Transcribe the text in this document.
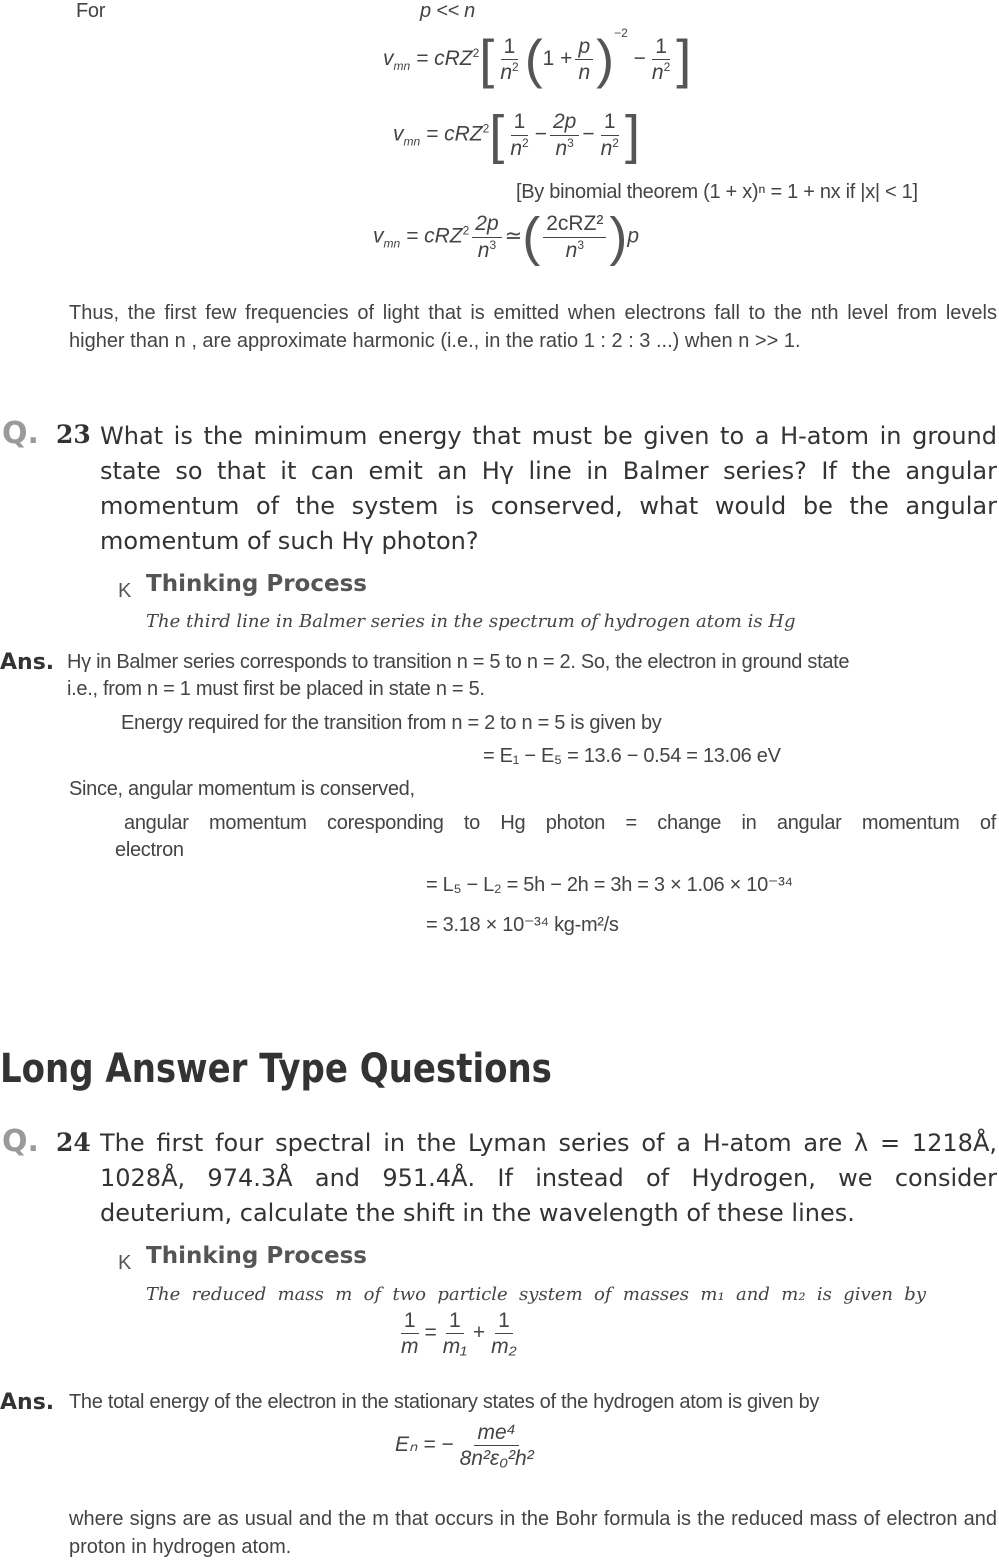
For	p << n
$v_{mn} = cRZ^2[ \frac{1}{n^2} (1 + \frac{p}{n} )^{-2} - \frac{1}{n^2}$ ]
$v_{mn} = cRZ^2[ \frac{1}{n^2} - \frac{2p}{n^3} - \frac{1}{n^2}$ ]
[By binomial theorem (1 + x)ⁿ = 1 + nx if |x| < 1]
$v_{mn} = cRZ^2 \frac{2p}{n^3}$ ≃( $\frac{\text{2cRZ²}}{n^3} )p$
Thus, the first few frequencies of light that is emitted when electrons fall to the nth level from levels higher than n , are approximate harmonic (i.e., in the ratio 1 : 2 : 3 ...) when n >> 1.
Q. 23 What is the minimum energy that must be given to a H-atom in ground state so that it can emit an Hγ line in Balmer series? If the angular momentum of the system is conserved, what would be the angular momentum of such Hγ photon?
K Thinking Process
The third line in Balmer series in the spectrum of hydrogen atom is Hg
Ans. Hγ in Balmer series corresponds to transition n = 5 to n = 2. So, the electron in ground state
i.e., from n = 1 must first be placed in state n = 5.
Energy required for the transition from n = 2 to n = 5 is given by
= E₁ − E₅ = 13.6 − 0.54 = 13.06 eV
Since, angular momentum is conserved,
angular momentum coresponding to Hg photon = change in angular momentum of
electron
= L₅ − L₂ = 5h − 2h = 3h = 3 × 1.06 × 10⁻³⁴
= 3.18 × 10⁻³⁴ kg-m²/s
Long Answer Type Questions
Q. 24 The first four spectral in the Lyman series of a H-atom are λ = 1218Å, 1028Å, 974.3Å and 951.4Å. If instead of Hydrogen, we consider deuterium, calculate the shift in the wavelength of these lines.
K Thinking Process
The reduced mass m of two particle system of masses m₁ and m₂ is given by
$\frac{1}{m} = \frac{1}{\text{m₁}} + \frac{1}{\text{m₂}}$
Ans. The total energy of the electron in the stationary states of the hydrogen atom is given by
Eₙ = − $\frac{\text{me⁴}}{\text{8n²ε₀²h²}}$
where signs are as usual and the m that occurs in the Bohr formula is the reduced mass of electron and proton in hydrogen atom.
